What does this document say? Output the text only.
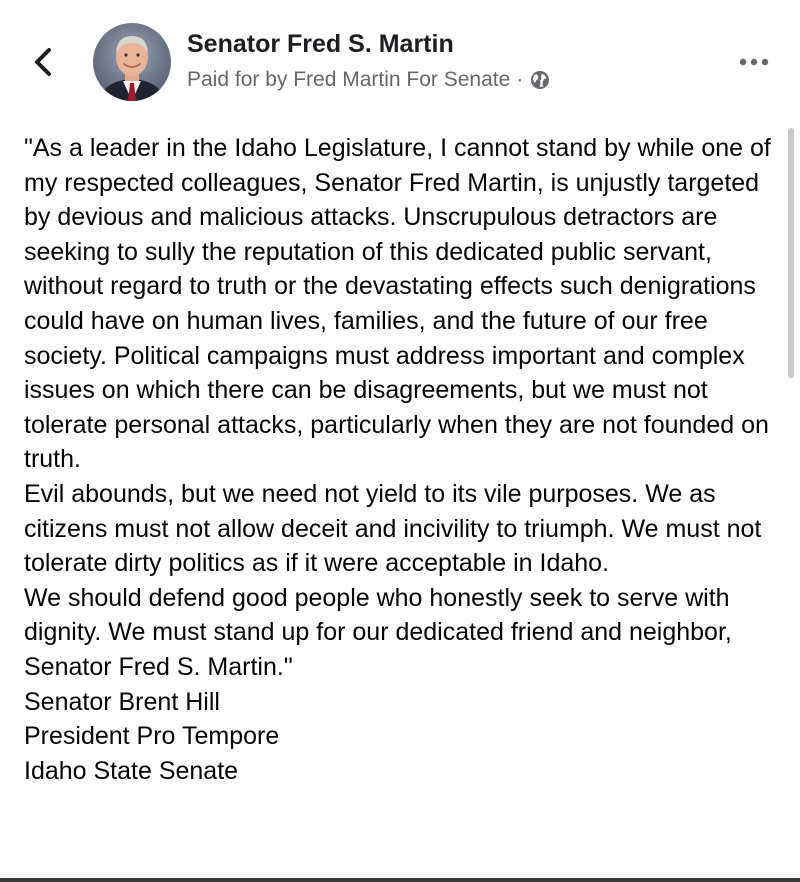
Senator Fred S. Martin
Paid for by Fred Martin For Senate ·

"As a leader in the Idaho Legislature, I cannot stand by while one of my respected colleagues, Senator Fred Martin, is unjustly targeted by devious and malicious attacks. Unscrupulous detractors are seeking to sully the reputation of this dedicated public servant, without regard to truth or the devastating effects such denigrations could have on human lives, families, and the future of our free society. Political campaigns must address important and complex issues on which there can be disagreements, but we must not tolerate personal attacks, particularly when they are not founded on truth.

Evil abounds, but we need not yield to its vile purposes. We as citizens must not allow deceit and incivility to triumph. We must not tolerate dirty politics as if it were acceptable in Idaho.

We should defend good people who honestly seek to serve with dignity. We must stand up for our dedicated friend and neighbor, Senator Fred S. Martin."

Senator Brent Hill

President Pro Tempore

Idaho State Senate
